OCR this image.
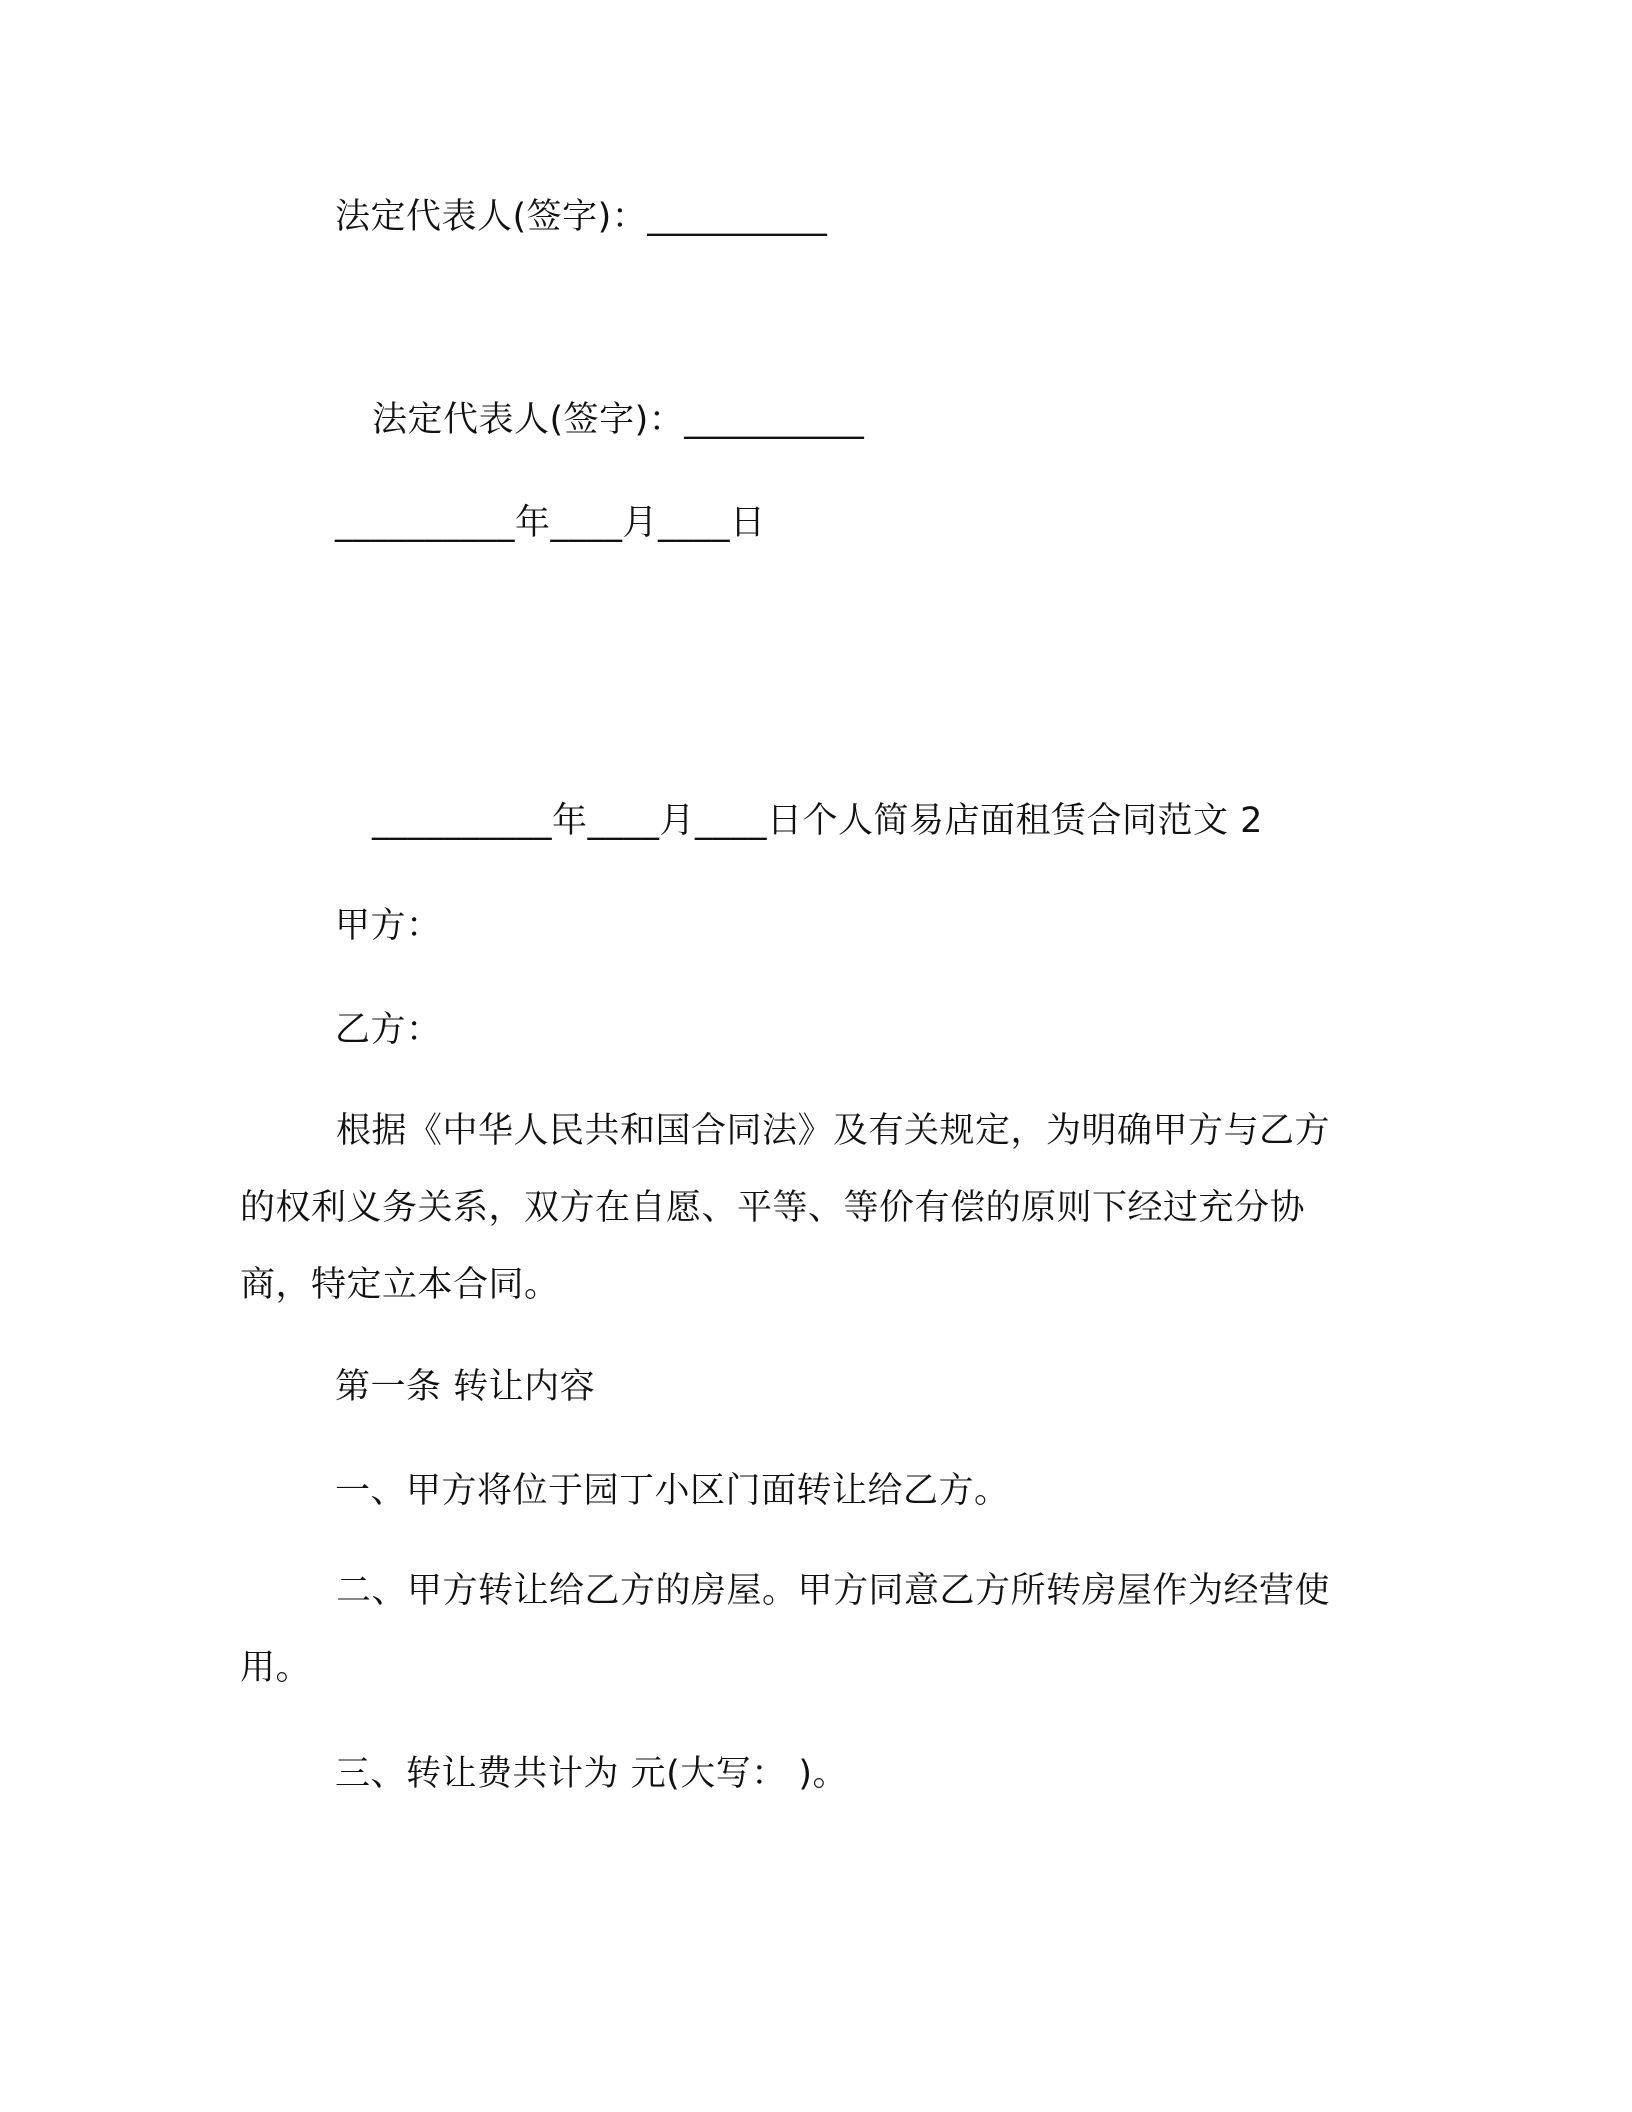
法定代表人(签字)：__________
法定代表人(签字)：__________
__________年____月____日
__________年____月____日个人简易店面租赁合同范文 2
甲方：
乙方：
根据《中华人民共和国合同法》及有关规定，为明确甲方与乙方
的权利义务关系，双方在自愿、平等、等价有偿的原则下经过充分协
商，特定立本合同。
第一条 转让内容
一、甲方将位于园丁小区门面转让给乙方。
二、甲方转让给乙方的房屋。甲方同意乙方所转房屋作为经营使
用。
三、转让费共计为 元(大写： )。
